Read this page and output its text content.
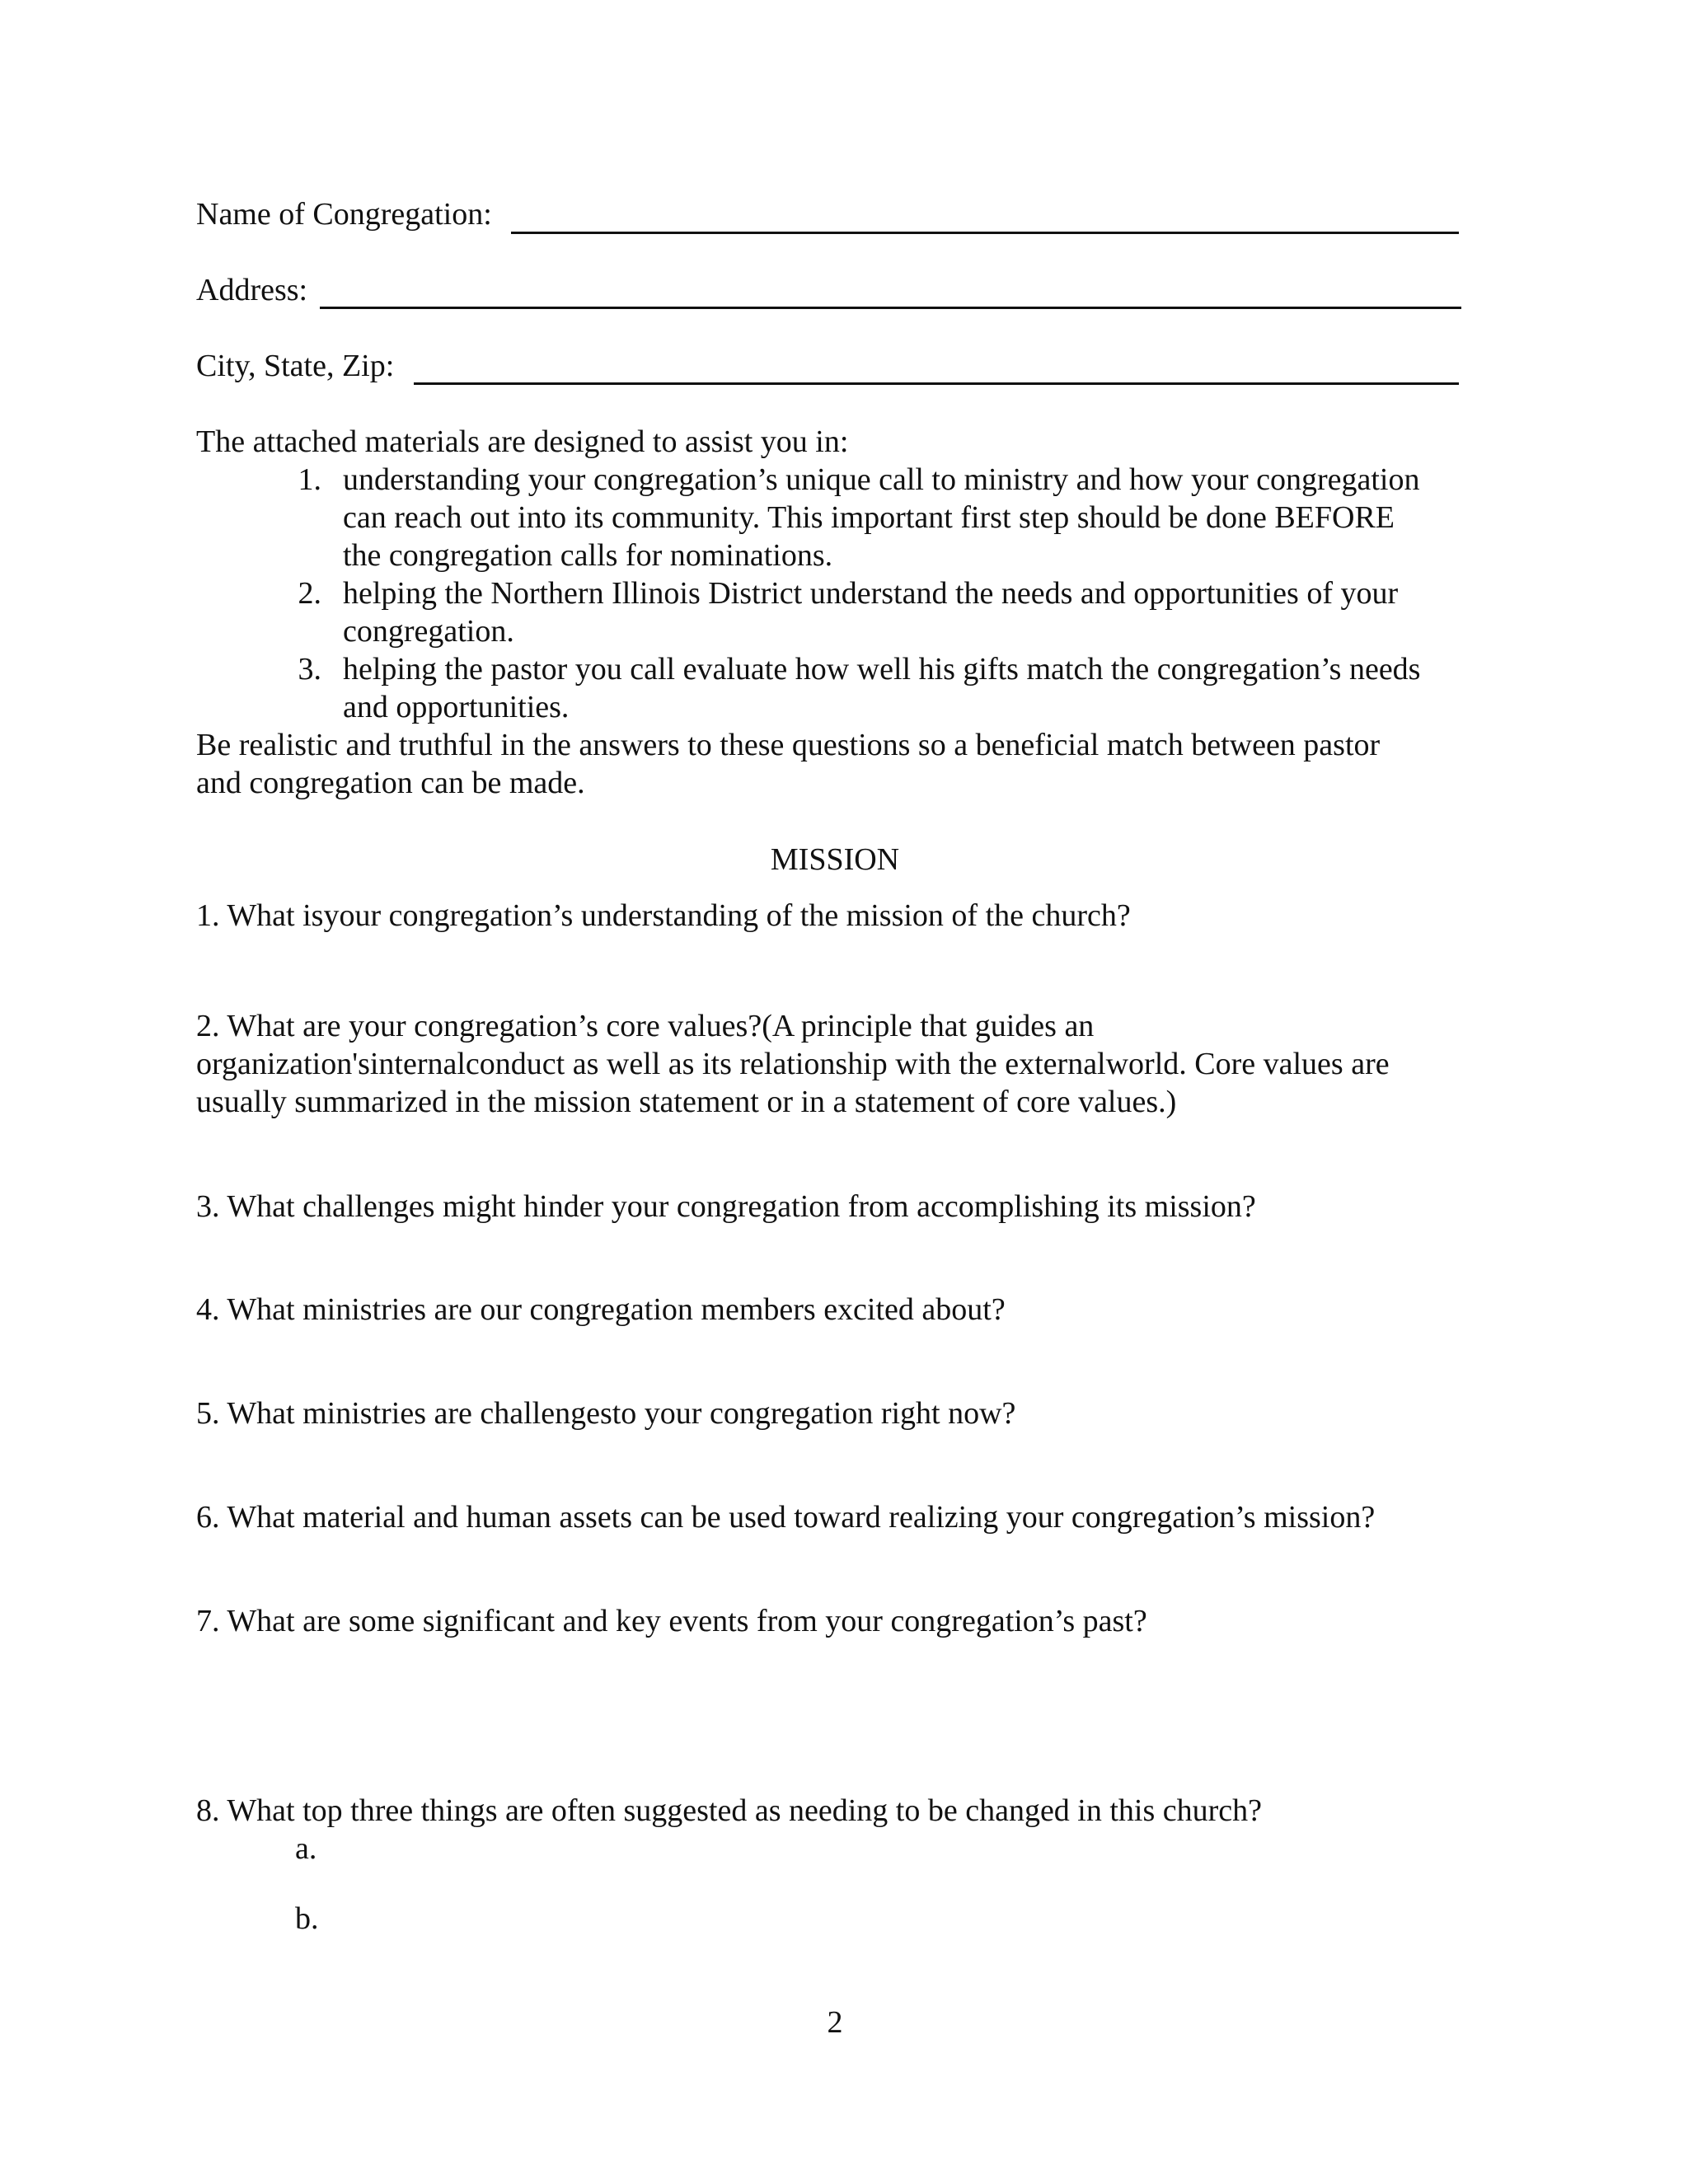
Name of Congregation:
Address:
City, State, Zip:
The attached materials are designed to assist you in:
1. understanding your congregation’s unique call to ministry and how your congregation
can reach out into its community. This important first step should be done BEFORE
the congregation calls for nominations.
2. helping the Northern Illinois District understand the needs and opportunities of your
congregation.
3. helping the pastor you call evaluate how well his gifts match the congregation’s needs
and opportunities.
Be realistic and truthful in the answers to these questions so a beneficial match between pastor
and congregation can be made.
MISSION
1. What isyour congregation’s understanding of the mission of the church?
2. What are your congregation’s core values?(A principle that guides an
organization'sinternalconduct as well as its relationship with the externalworld. Core values are
usually summarized in the mission statement or in a statement of core values.)
3. What challenges might hinder your congregation from accomplishing its mission?
4. What ministries are our congregation members excited about?
5. What ministries are challengesto your congregation right now?
6. What material and human assets can be used toward realizing your congregation’s mission?
7. What are some significant and key events from your congregation’s past?
8. What top three things are often suggested as needing to be changed in this church?
a.
b.
2
